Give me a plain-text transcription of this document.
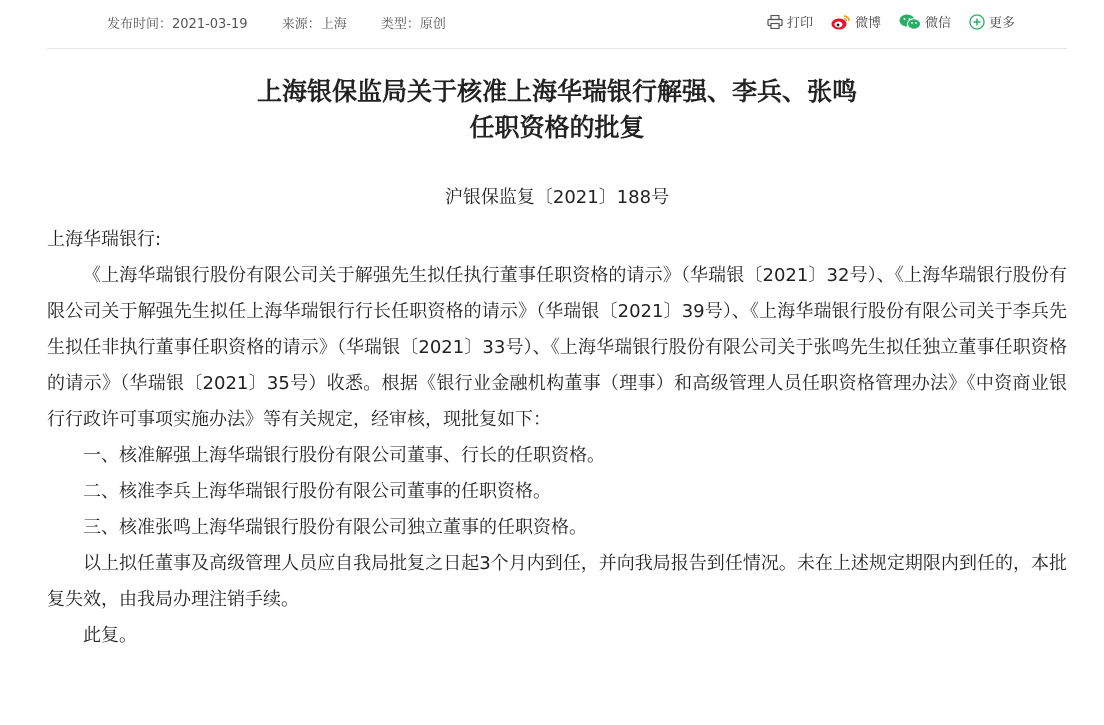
发布时间：2021-03-19	来源：上海	类型：原创	打印	微博	微信	更多
上海银保监局关于核准上海华瑞银行解强、李兵、张鸣
任职资格的批复
沪银保监复〔2021〕188号

上海华瑞银行:

《上海华瑞银行股份有限公司关于解强先生拟任执行董事任职资格的请示》（华瑞银〔2021〕32号）、《上海华瑞银行股份有限公司关于解强先生拟任上海华瑞银行行长任职资格的请示》（华瑞银〔2021〕39号）、《上海华瑞银行股份有限公司关于李兵先生拟任非执行董事任职资格的请示》（华瑞银〔2021〕33号）、《上海华瑞银行股份有限公司关于张鸣先生拟任独立董事任职资格的请示》（华瑞银〔2021〕35号）收悉。根据《银行业金融机构董事（理事）和高级管理人员任职资格管理办法》《中资商业银行行政许可事项实施办法》等有关规定，经审核，现批复如下：

一、核准解强上海华瑞银行股份有限公司董事、行长的任职资格。

二、核准李兵上海华瑞银行股份有限公司董事的任职资格。

三、核准张鸣上海华瑞银行股份有限公司独立董事的任职资格。

以上拟任董事及高级管理人员应自我局批复之日起3个月内到任，并向我局报告到任情况。未在上述规定期限内到任的，本批复失效，由我局办理注销手续。

此复。
